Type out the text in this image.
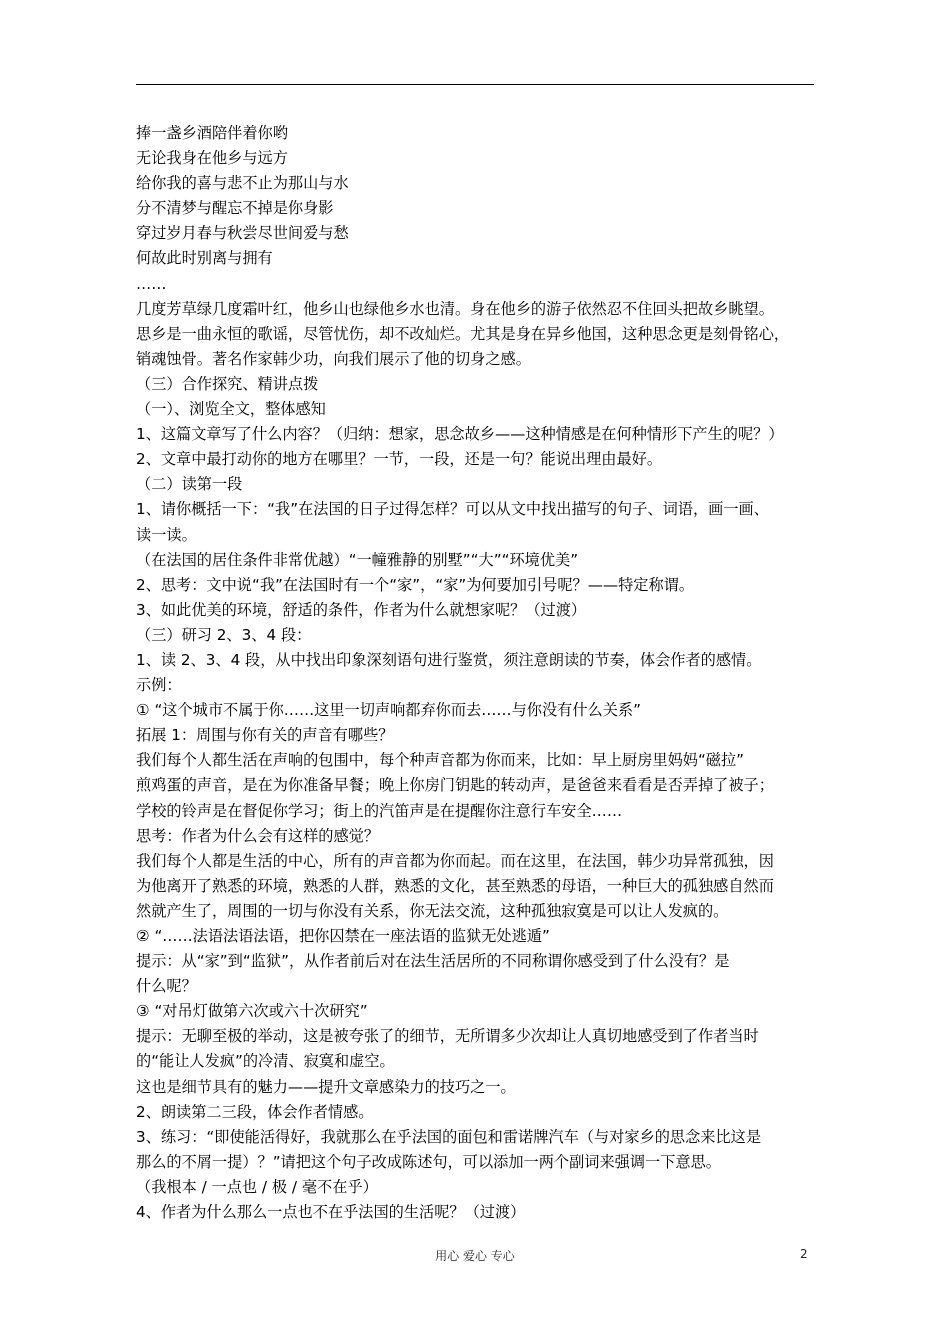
捧一盏乡酒陪伴着你哟
无论我身在他乡与远方
给你我的喜与悲不止为那山与水
分不清梦与醒忘不掉是你身影
穿过岁月春与秋尝尽世间爱与愁
何故此时别离与拥有
……
几度芳草绿几度霜叶红，他乡山也绿他乡水也清。身在他乡的游子依然忍不住回头把故乡眺望。
思乡是一曲永恒的歌谣，尽管忧伤，却不改灿烂。尤其是身在异乡他国，这种思念更是刻骨铭心，
销魂蚀骨。著名作家韩少功，向我们展示了他的切身之感。
（三）合作探究、精讲点拨
（一）、浏览全文，整体感知
1、这篇文章写了什么内容？（归纳：想家，思念故乡——这种情感是在何种情形下产生的呢？）
2、文章中最打动你的地方在哪里？一节，一段，还是一句？能说出理由最好。
（二）读第一段
1、请你概括一下：“我”在法国的日子过得怎样？可以从文中找出描写的句子、词语，画一画、
读一读。
（在法国的居住条件非常优越）“一幢雅静的别墅”“大”“环境优美”
2、思考：文中说“我”在法国时有一个“家”，“家”为何要加引号呢？——特定称谓。
3、如此优美的环境，舒适的条件，作者为什么就想家呢？（过渡）
（三）研习 2、3、4 段：
1、读 2、3、4 段，从中找出印象深刻语句进行鉴赏，须注意朗读的节奏，体会作者的感情。
示例：
① “这个城市不属于你……这里一切声响都弃你而去……与你没有什么关系”
拓展 1：周围与你有关的声音有哪些？
我们每个人都生活在声响的包围中，每个种声音都为你而来，比如：早上厨房里妈妈“磁拉”
煎鸡蛋的声音，是在为你准备早餐；晚上你房门钥匙的转动声，是爸爸来看看是否弄掉了被子；
学校的铃声是在督促你学习；街上的汽笛声是在提醒你注意行车安全……
思考：作者为什么会有这样的感觉？
我们每个人都是生活的中心，所有的声音都为你而起。而在这里，在法国，韩少功异常孤独，因
为他离开了熟悉的环境，熟悉的人群，熟悉的文化，甚至熟悉的母语，一种巨大的孤独感自然而
然就产生了，周围的一切与你没有关系，你无法交流，这种孤独寂寞是可以让人发疯的。
② “……法语法语法语，把你囚禁在一座法语的监狱无处逃遁”
提示：从“家”到“监狱”，从作者前后对在法生活居所的不同称谓你感受到了什么没有？是
什么呢？
③ “对吊灯做第六次或六十次研究”
提示：无聊至极的举动，这是被夸张了的细节，无所谓多少次却让人真切地感受到了作者当时
的“能让人发疯”的冷清、寂寞和虚空。
这也是细节具有的魅力——提升文章感染力的技巧之一。
2、朗读第二三段，体会作者情感。
3、练习：“即使能活得好，我就那么在乎法国的面包和雷诺牌汽车（与对家乡的思念来比这是
那么的不屑一提）？”请把这个句子改成陈述句，可以添加一两个副词来强调一下意思。
（我根本 / 一点也 / 极 / 毫不在乎）
4、作者为什么那么一点也不在乎法国的生活呢？（过渡）
用心 爱心 专心	2
